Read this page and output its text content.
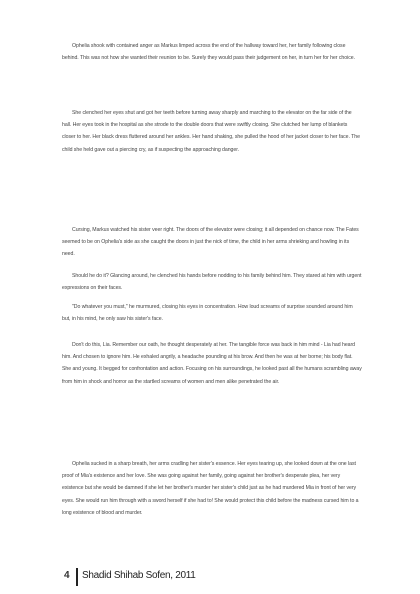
Ophelia shook with contained anger as Markus limped across the end of the hallway toward her, her family following close behind. This was not how she wanted their reunion to be. Surely they would pass their judgement on her, in turn her for her choice.

She clenched her eyes shut and got her teeth before turning away sharply and marching to the elevator on the far side of the hall. Her eyes took in the hospital as she strode to the double doors that were swiftly closing. She clutched her lump of blankets closer to her. Her black dress fluttered around her ankles. Her hand shaking, she pulled the hood of her jacket closer to her face. The child she held gave out a piercing cry, as if suspecting the approaching danger.

Cursing, Markus watched his sister veer right. The doors of the elevator were closing; it all depended on chance now. The Fates seemed to be on Ophelia's side as she caught the doors in just the nick of time, the child in her arms shrieking and howling in its need.

Should he do it? Glancing around, he clenched his hands before nodding to his family behind him. They stared at him with urgent expressions on their faces.

"Do whatever you must," he murmured, closing his eyes in concentration. How loud screams of surprise sounded around him but, in his mind, he only saw his sister's face.

Don't do this, Lia. Remember our oath, he thought desperately at her. The tangible force was back in him mind - Lia had heard him. And chosen to ignore him. He exhaled angrily, a headache pounding at his brow. And then he was at her borne; his body flat. She and young. It begged for confrontation and action. Focusing on his surroundings, he looked past all the humans scrambling away from him in shock and horror as the startled screams of women and men alike penetrated the air.

Ophelia sucked in a sharp breath, her arms cradling her sister's essence. Her eyes tearing up, she looked down at the one last proof of Mia's existence and her love. She was going against her family, going against her brother's desperate plea, her very existence but she would be damned if she let her brother's murder her sister's child just as he had murdered Mia in front of her very eyes. She would run him through with a sword herself if she had to! She would protect this child before the madness cursed him to a long existence of blood and murder.

4 Shadid Shihab Sofen, 2011
